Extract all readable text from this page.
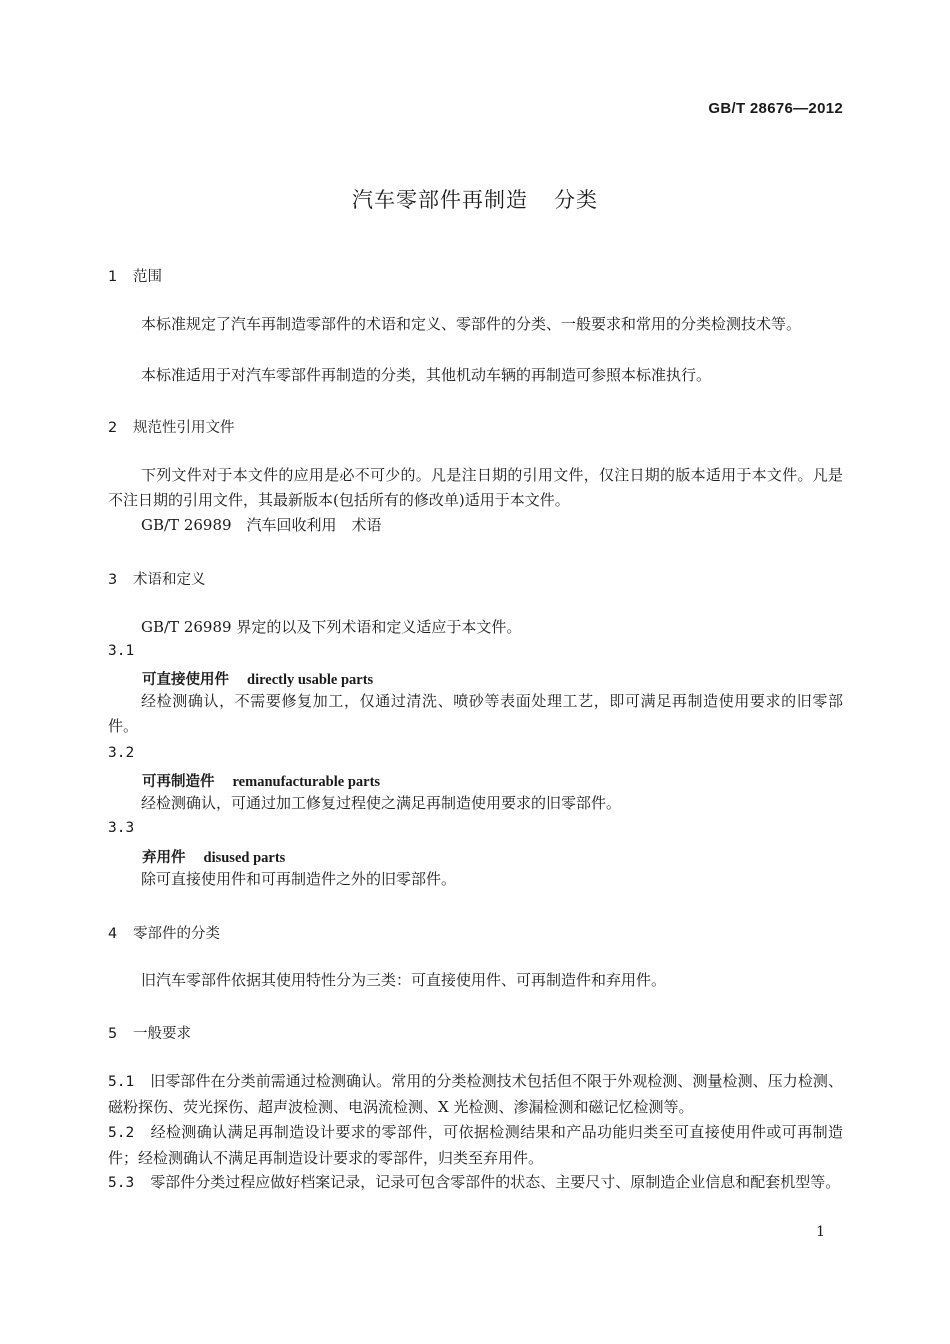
GB/T 28676—2012
汽车零部件再制造 分类
1 范围
本标准规定了汽车再制造零部件的术语和定义、零部件的分类、一般要求和常用的分类检测技术等。
本标准适用于对汽车零部件再制造的分类，其他机动车辆的再制造可参照本标准执行。
2 规范性引用文件
下列文件对于本文件的应用是必不可少的。凡是注日期的引用文件，仅注日期的版本适用于本文件。凡是不注日期的引用文件，其最新版本(包括所有的修改单)适用于本文件。
GB/T 26989　汽车回收利用　术语
3 术语和定义
GB/T 26989 界定的以及下列术语和定义适应于本文件。
3.1
可直接使用件 directly usable parts
经检测确认，不需要修复加工，仅通过清洗、喷砂等表面处理工艺，即可满足再制造使用要求的旧零部件。
3.2
可再制造件 remanufacturable parts
经检测确认，可通过加工修复过程使之满足再制造使用要求的旧零部件。
3.3
弃用件 disused parts
除可直接使用件和可再制造件之外的旧零部件。
4 零部件的分类
旧汽车零部件依据其使用特性分为三类：可直接使用件、可再制造件和弃用件。
5 一般要求
5.1 旧零部件在分类前需通过检测确认。常用的分类检测技术包括但不限于外观检测、测量检测、压力检测、磁粉探伤、荧光探伤、超声波检测、电涡流检测、X 光检测、渗漏检测和磁记忆检测等。
5.2 经检测确认满足再制造设计要求的零部件，可依据检测结果和产品功能归类至可直接使用件或可再制造件；经检测确认不满足再制造设计要求的零部件，归类至弃用件。
5.3 零部件分类过程应做好档案记录，记录可包含零部件的状态、主要尺寸、原制造企业信息和配套机型等。
1
